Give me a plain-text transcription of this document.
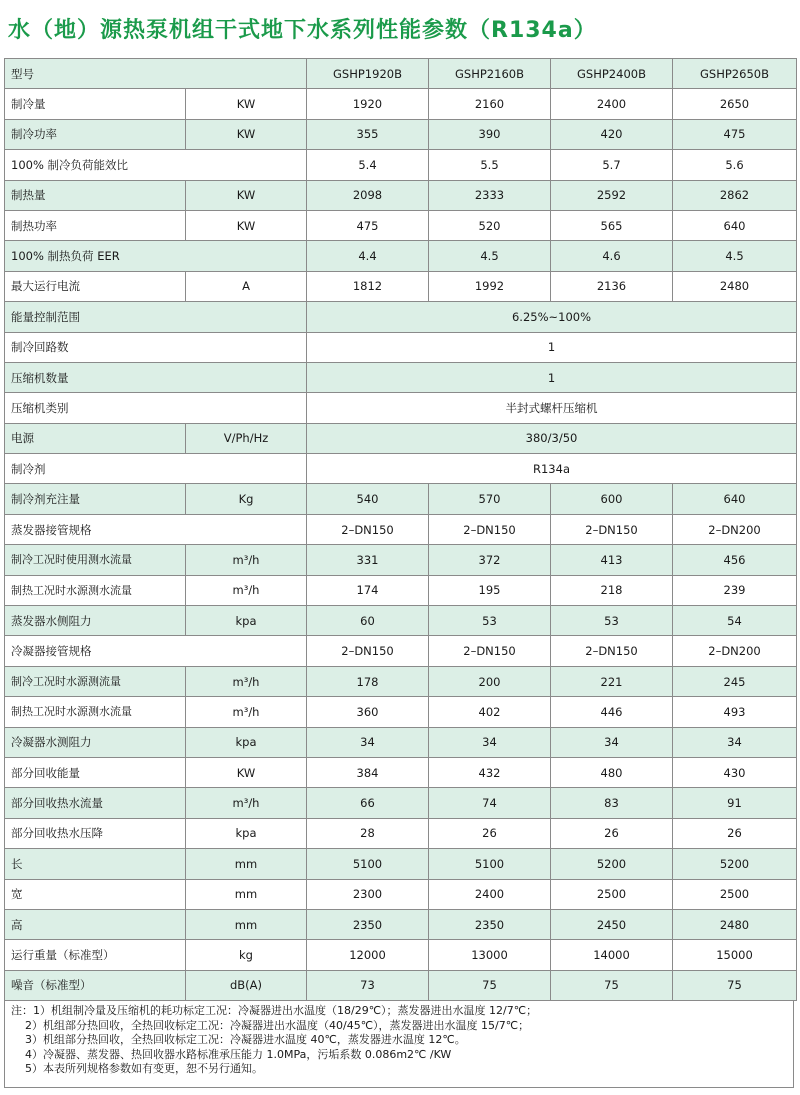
水（地）源热泵机组干式地下水系列性能参数（R134a）
型号		GSHP1920B	GSHP2160B	GSHP2400B	GSHP2650B
制冷量	KW	1920	2160	2400	2650
制冷功率	KW	355	390	420	475
100% 制冷负荷能效比		5.4	5.5	5.7	5.6
制热量	KW	2098	2333	2592	2862
制热功率	KW	475	520	565	640
100% 制热负荷 EER		4.4	4.5	4.6	4.5
最大运行电流	A	1812	1992	2136	2480
能量控制范围		6.25%~100%			
制冷回路数		1			
压缩机数量		1			
压缩机类别		半封式螺杆压缩机			
电源	V/Ph/Hz	380/3/50			
制冷剂		R134a			
制冷剂充注量	Kg	540	570	600	640
蒸发器接管规格		2–DN150	2–DN150	2–DN150	2–DN200
制冷工况时使用测水流量	m³/h	331	372	413	456
制热工况时水源测水流量	m³/h	174	195	218	239
蒸发器水侧阻力	kpa	60	53	53	54
冷凝器接管规格		2–DN150	2–DN150	2–DN150	2–DN200
制冷工况时水源测流量	m³/h	178	200	221	245
制热工况时水源测水流量	m³/h	360	402	446	493
冷凝器水测阻力	kpa	34	34	34	34
部分回收能量	KW	384	432	480	430
部分回收热水流量	m³/h	66	74	83	91
部分回收热水压降	kpa	28	26	26	26
长	mm	5100	5100	5200	5200
宽	mm	2300	2400	2500	2500
高	mm	2350	2350	2450	2480
运行重量（标准型）	kg	12000	13000	14000	15000
噪音（标准型）	dB(A)	73	75	75	75
注：1）机组制冷量及压缩机的耗功标定工况：冷凝器进出水温度（18/29℃）；蒸发器进出水温度 12/7℃；
2）机组部分热回收，全热回收标定工况：冷凝器进出水温度（40/45℃），蒸发器进出水温度 15/7℃；
3）机组部分热回收，全热回收标定工况：冷凝器进水温度 40℃，蒸发器进水温度 12℃。
4）冷凝器、蒸发器、热回收器水路标准承压能力 1.0MPa，污垢系数 0.086m2℃ /KW
5）本表所列规格参数如有变更，恕不另行通知。
